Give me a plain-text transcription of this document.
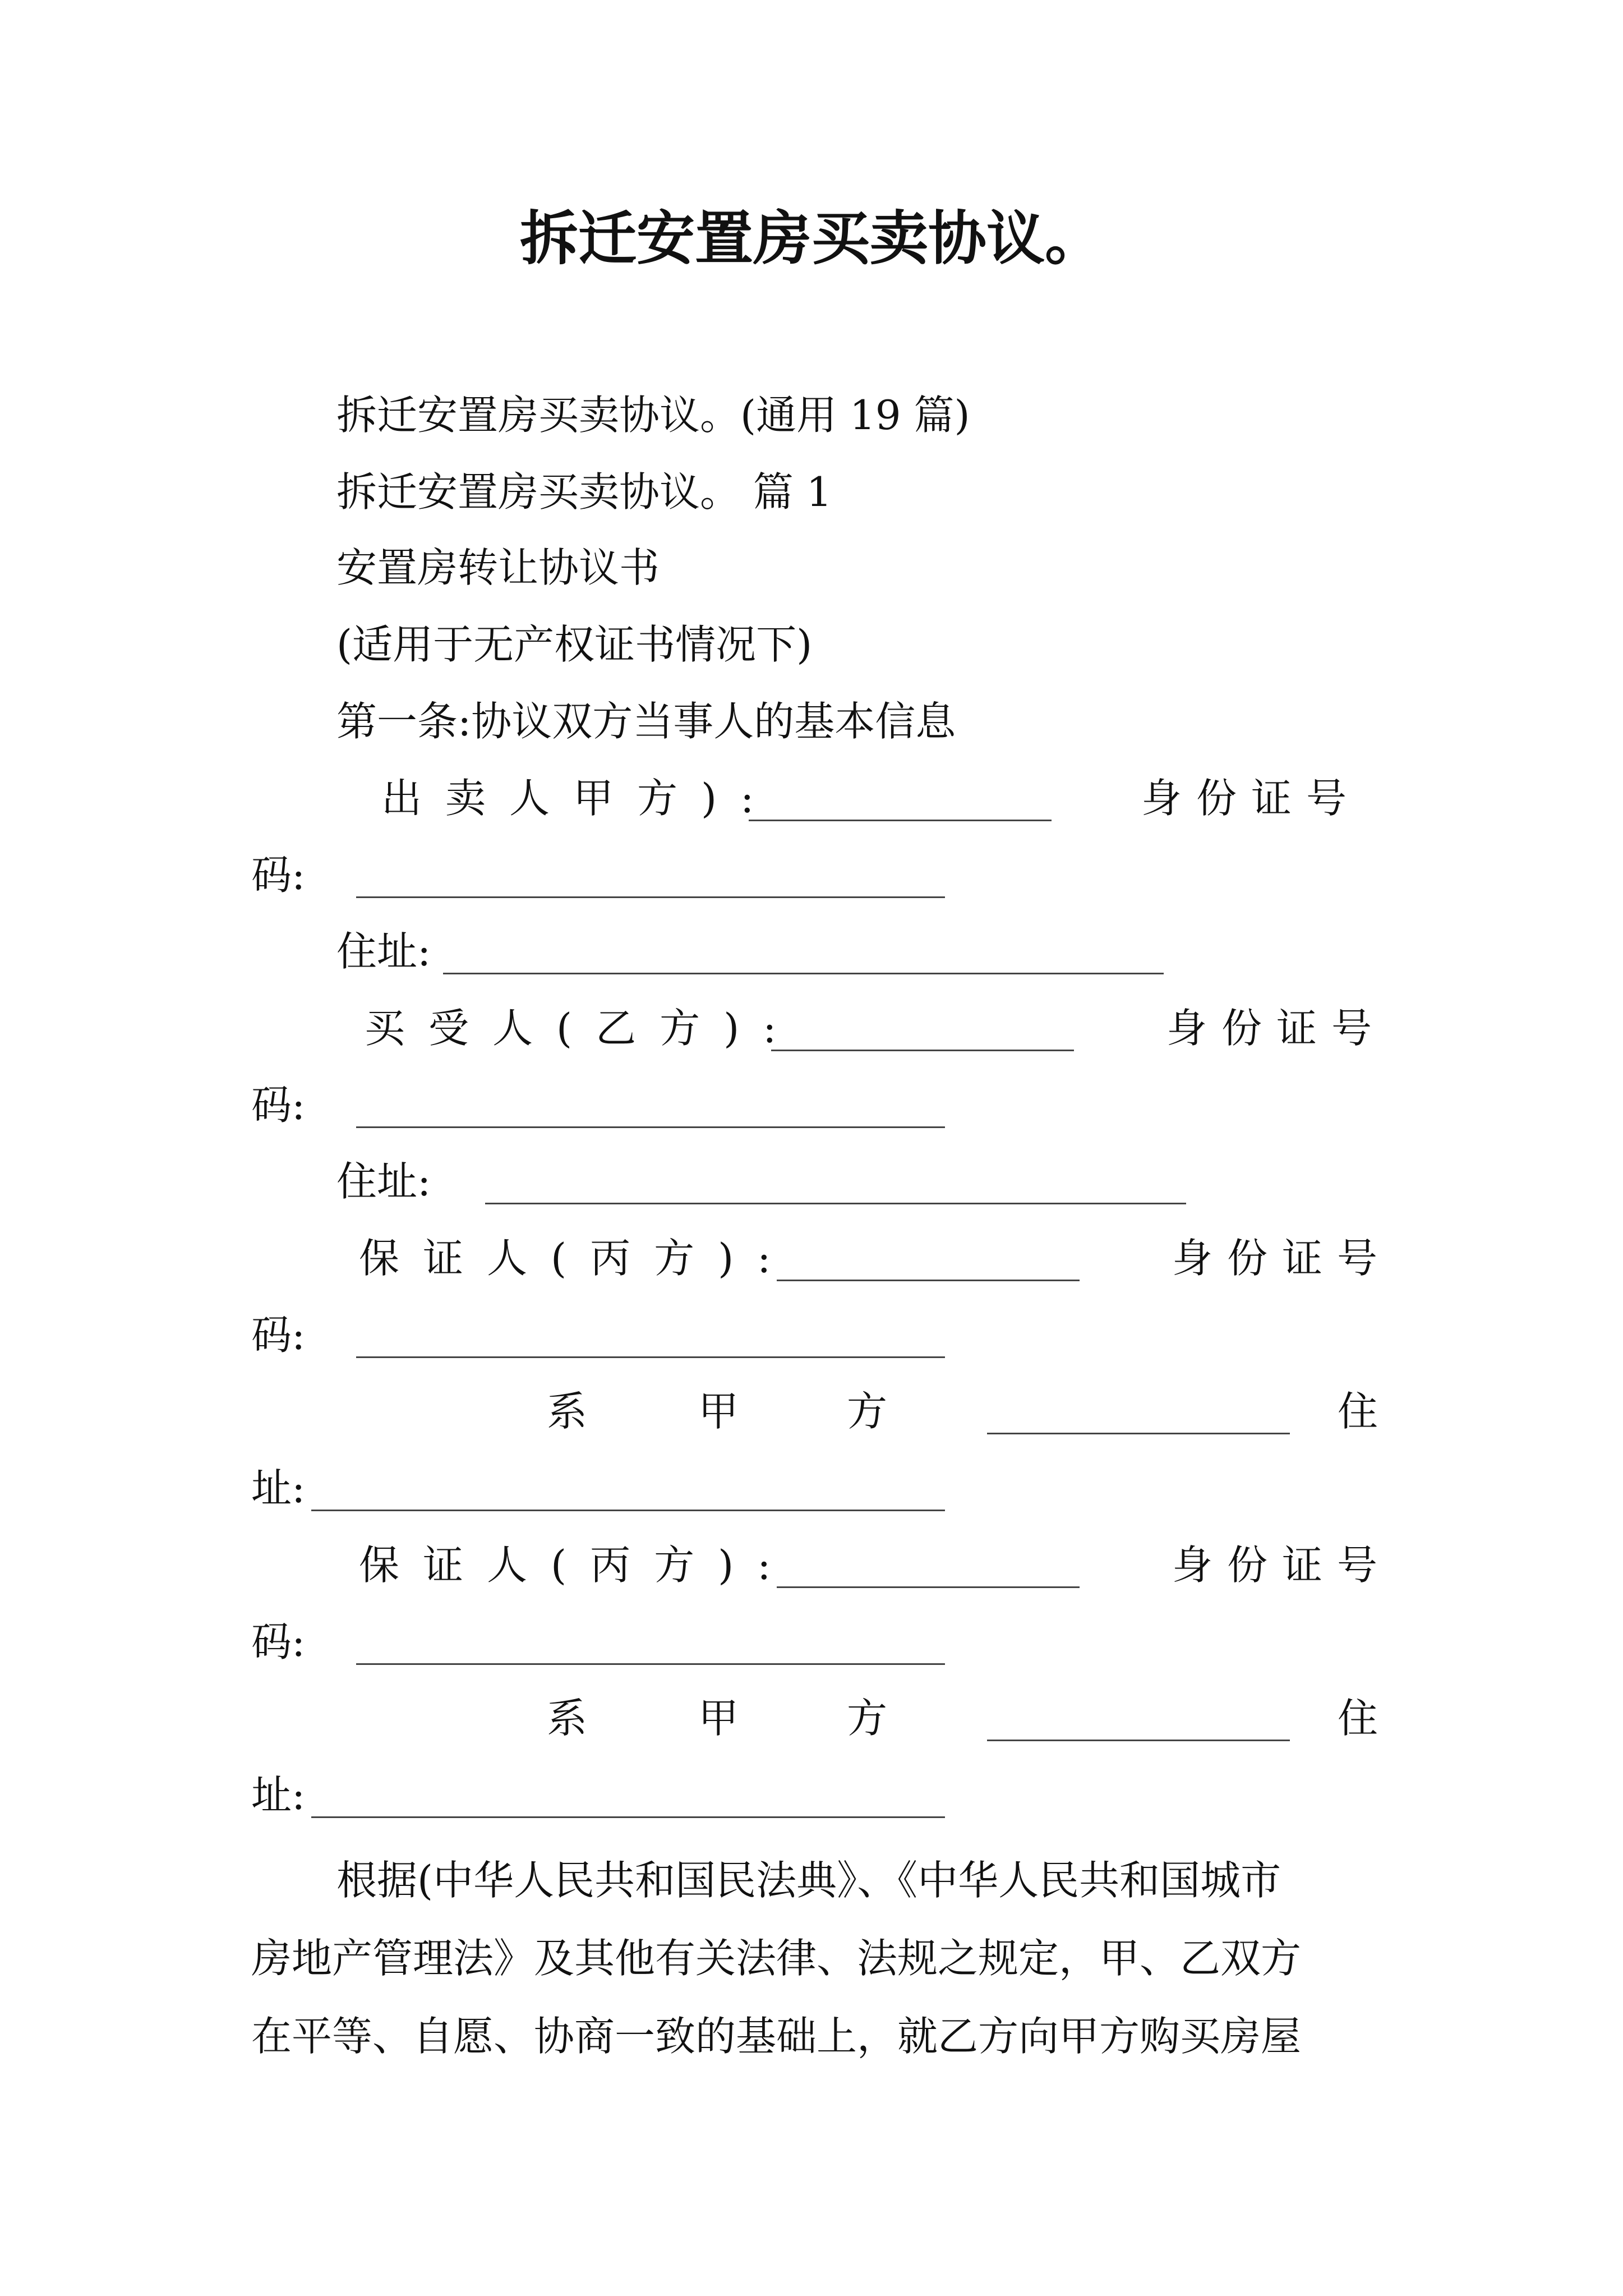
拆迁安置房买卖协议。
拆迁安置房买卖协议。(通用 19 篇)
拆迁安置房买卖协议。 篇 1
安置房转让协议书
(适用于无产权证书情况下)
第一条:协议双方当事人的基本信息
出卖人甲方):	身份证号
码:
住址:
买受人(乙方):	身份证号
码:
住址:
保证人(丙方):	身份证号
码:
系	甲	方	住
址:
保证人(丙方):	身份证号
码:
系	甲	方	住
址:
根据(中华人民共和国民法典》、《中华人民共和国城市
房地产管理法》及其他有关法律、法规之规定，甲、乙双方
在平等、自愿、协商一致的基础上，就乙方向甲方购买房屋
